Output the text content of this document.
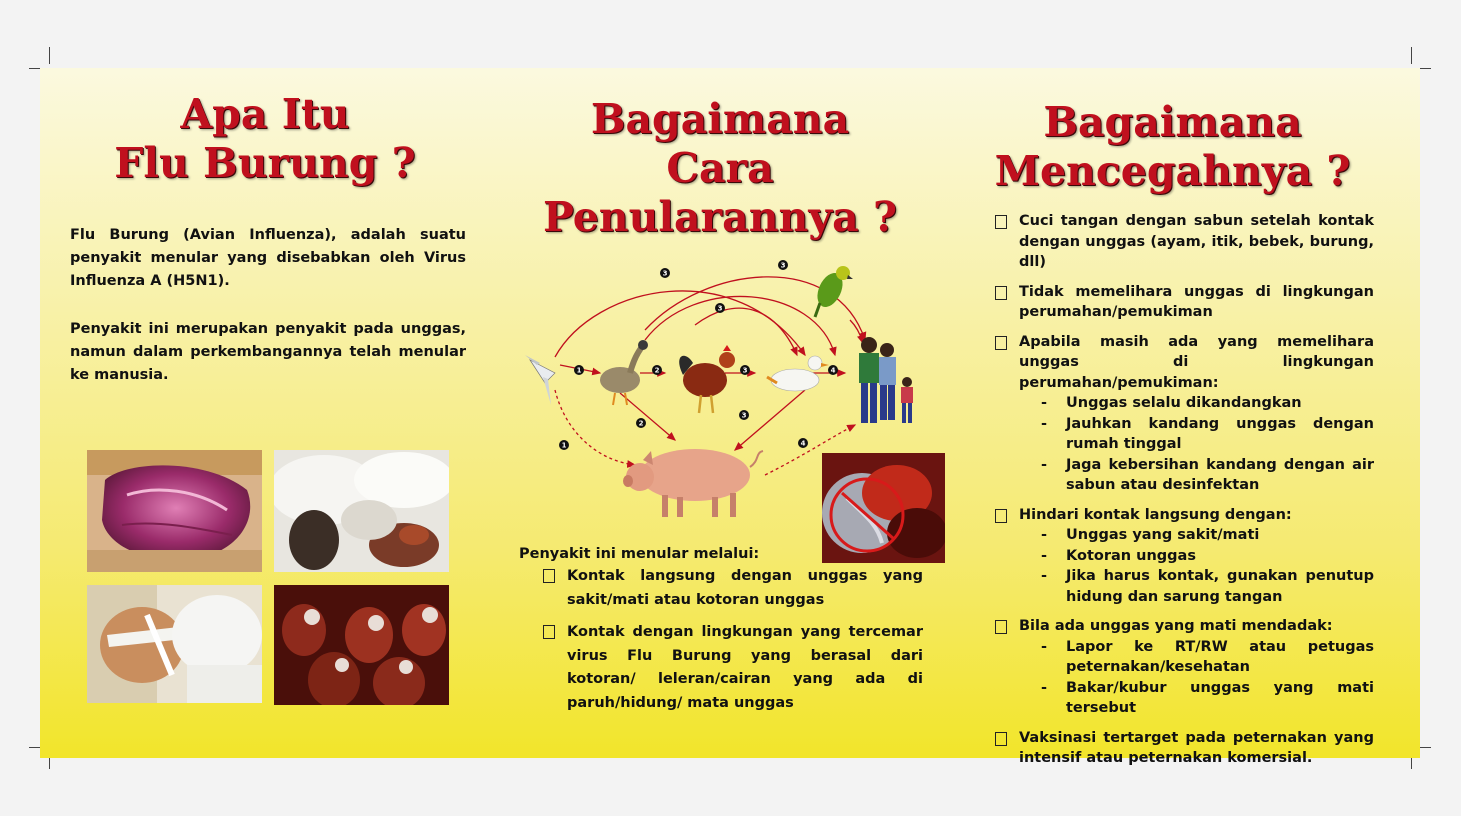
Apa Itu
Flu Burung ?

Flu Burung (Avian Influenza), adalah suatu penyakit menular yang disebabkan oleh Virus Influenza A (H5N1).

Penyakit ini merupakan penyakit pada unggas, namun dalam perkembangannya telah menular ke manusia.

Bagaimana
Cara
Penularannya ?
1
1
2
2
3
3
3
3	4
4
3

Penyakit ini menular melalui:

Kontak langsung dengan unggas yang sakit/mati atau kotoran unggas
Kontak dengan lingkungan yang tercemar virus Flu Burung yang berasal dari kotoran/ leleran/cairan yang ada di paruh/hidung/ mata unggas
Bagaimana
Mencegahnya ?
Cuci tangan dengan sabun setelah kontak dengan unggas (ayam, itik, bebek, burung, dll)
Tidak memelihara unggas di lingkungan perumahan/pemukiman
Apabila masih ada yang memelihara unggas di lingkungan perumahan/pemukiman:
- Unggas selalu dikandangkan
- Jauhkan kandang unggas dengan rumah tinggal
- Jaga kebersihan kandang dengan air sabun atau desinfektan
Hindari kontak langsung dengan:
- Unggas yang sakit/mati
- Kotoran unggas
- Jika harus kontak, gunakan penutup hidung dan sarung tangan
Bila ada unggas yang mati mendadak:
- Lapor ke RT/RW atau petugas peternakan/kesehatan
- Bakar/kubur unggas yang mati tersebut
Vaksinasi tertarget pada peternakan yang intensif atau peternakan komersial.
